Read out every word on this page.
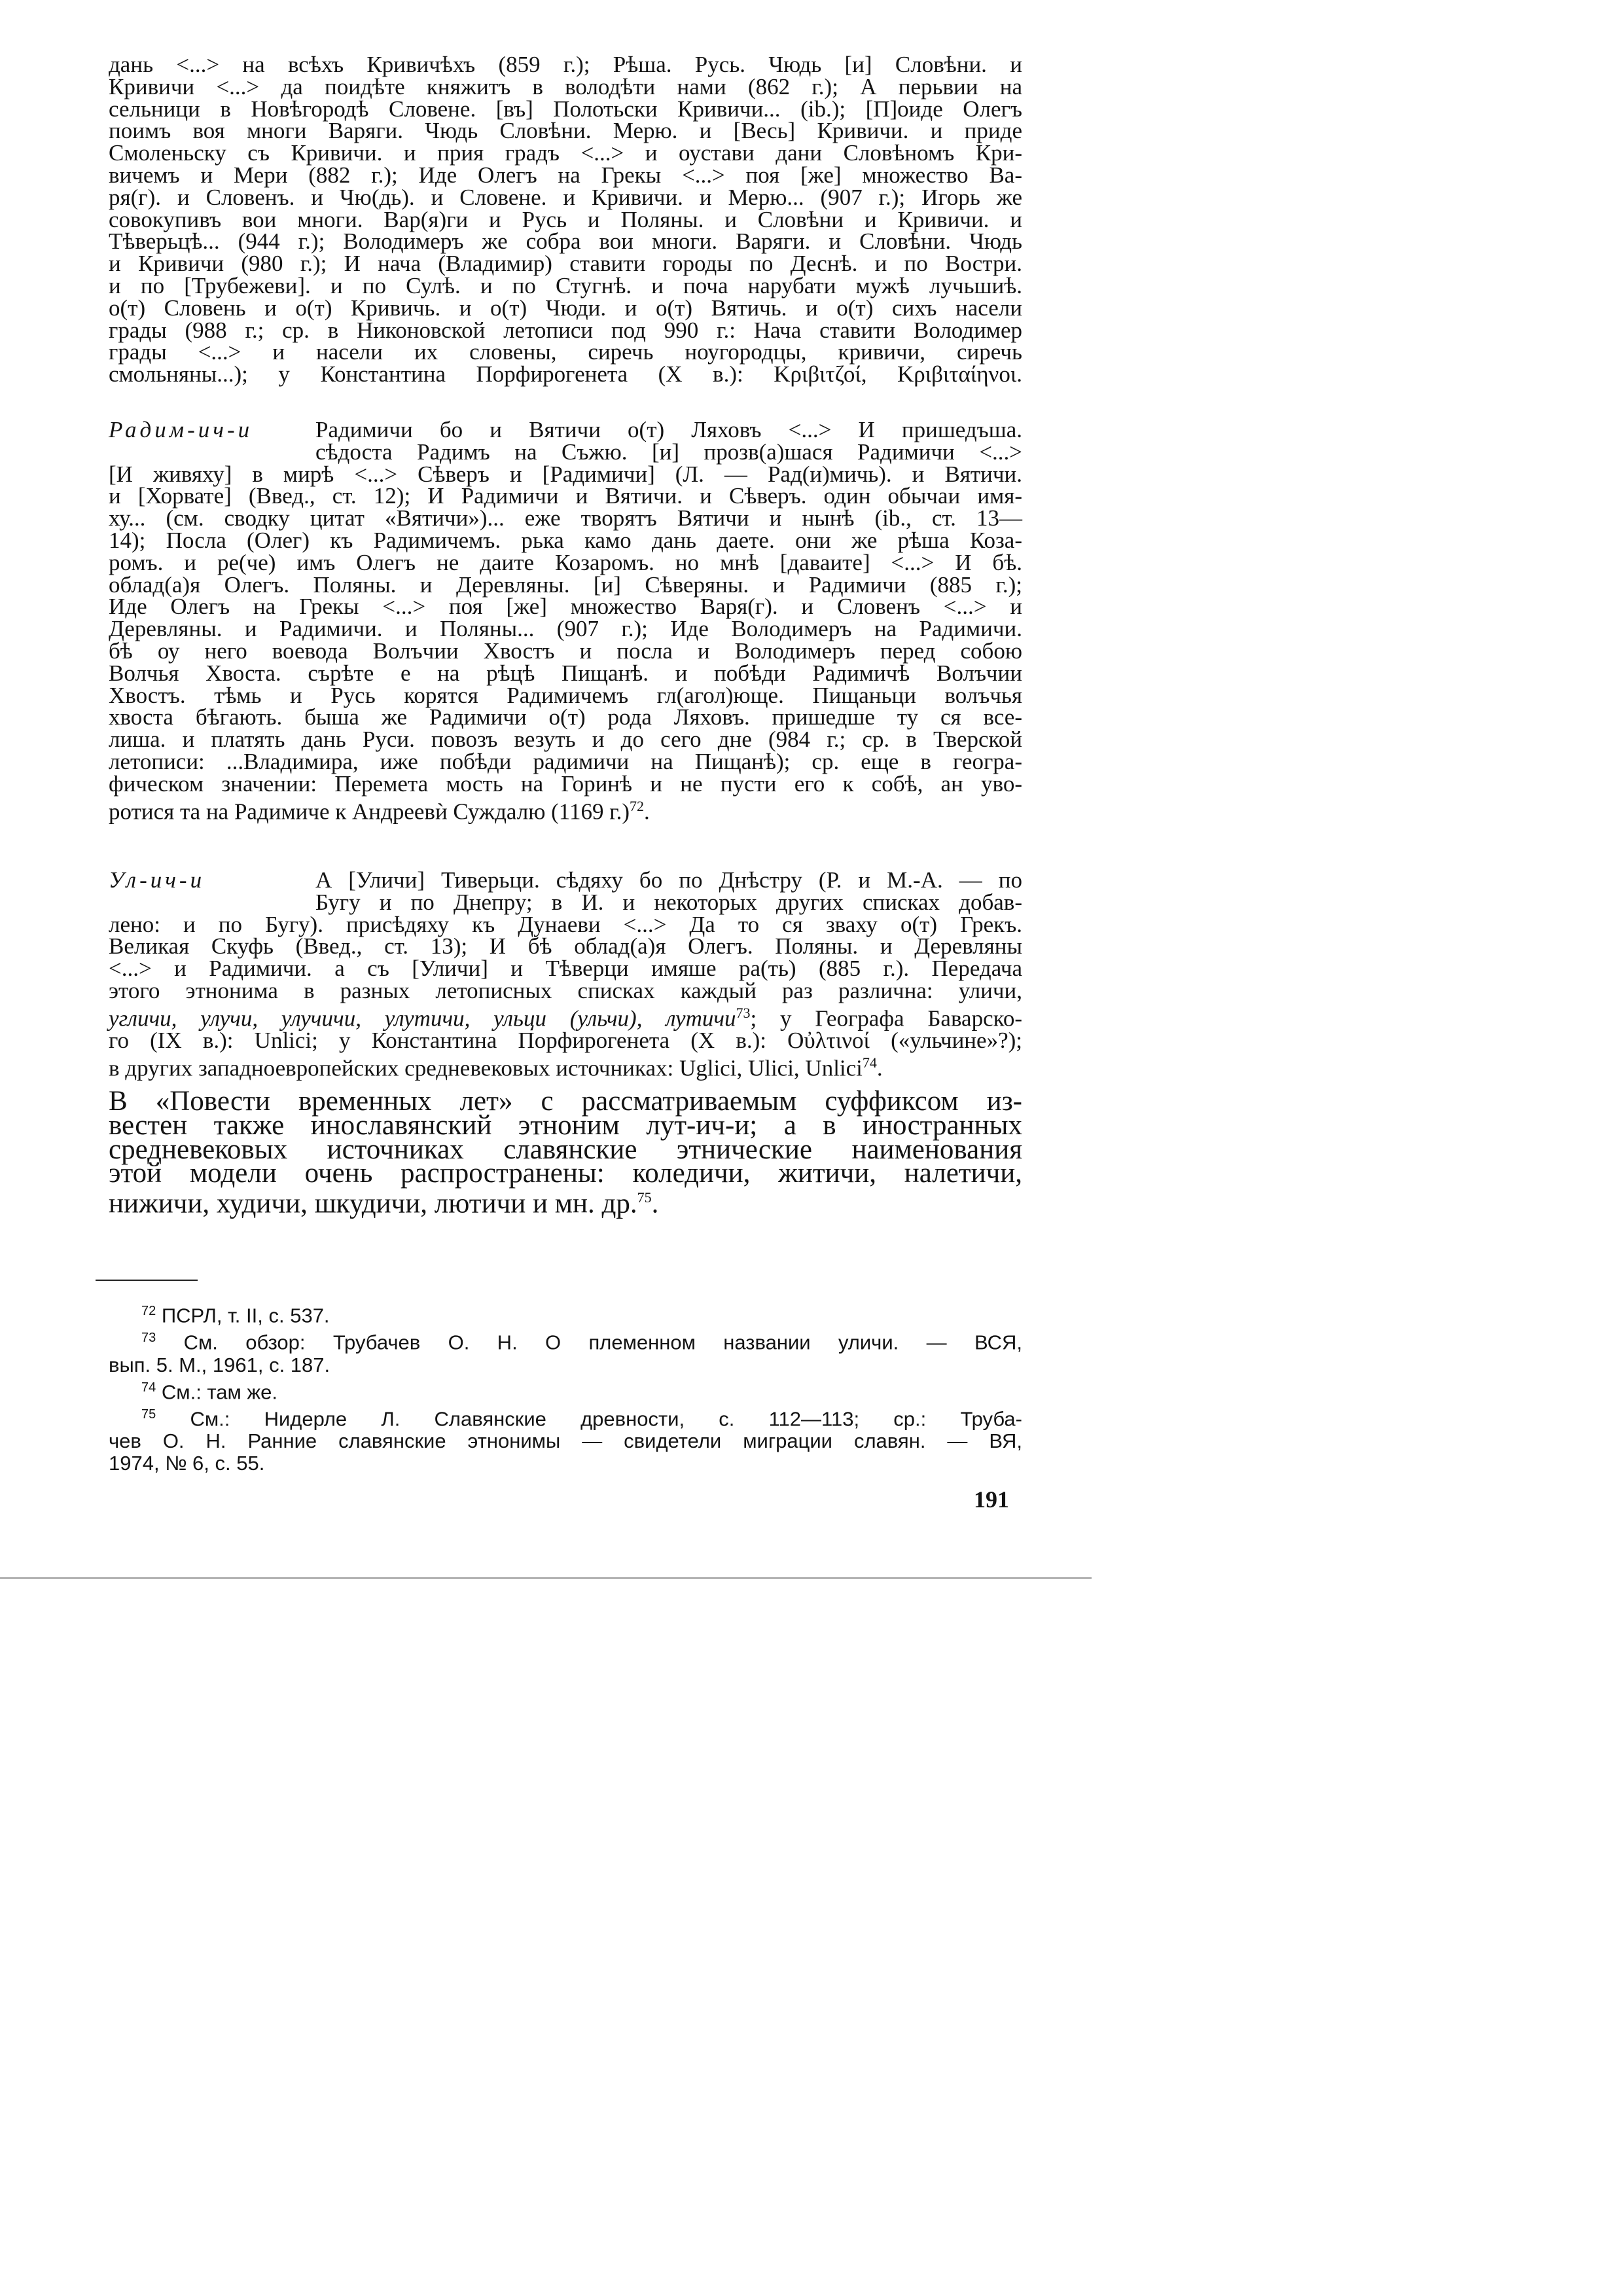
дань <...> на всѣхъ Кривичѣхъ (859 г.); Рѣша. Русь. Чюдь [и] Словѣни. и

Кривичи <...> да поидѣте княжитъ в володѣти нами (862 г.); А перьвии на

сельници в Новѣгородѣ Словене. [въ] Полотьски Кривичи... (ib.); [П]оиде Олегъ

поимъ воя многи Варяги. Чюдь Словѣни. Мерю. и [Весь] Кривичи. и приде

Смоленьску съ Кривичи. и прия градъ <...> и оустави дани Словѣномъ Кри-

вичемъ и Мери (882 г.); Иде Олегъ на Грекы <...> поя [же] множество Ва-

ря(г). и Словенъ. и Чю(дь). и Словене. и Кривичи. и Мерю... (907 г.); Игорь же

совокупивъ вои многи. Вар(я)ги и Русь и Поляны. и Словѣни и Кривичи. и

Тѣверьцѣ... (944 г.); Володимеръ же собра вои многи. Варяги. и Словѣни. Чюдь

и Кривичи (980 г.); И нача (Владимир) ставити городы по Деснѣ. и по Востри.

и по [Трубежеви]. и по Сулѣ. и по Стугнѣ. и поча нарубати мужѣ лучьшиѣ.

о(т) Словень и о(т) Кривичь. и о(т) Чюди. и о(т) Вятичь. и о(т) сихъ насели

грады (988 г.; ср. в Никоновской летописи под 990 г.: Нача ставити Володимер

грады <...> и насели их словены, сиречь ноугородцы, кривичи, сиречь

смольняны...); у Константина Порфирогенета (X в.): Κριβιτζοί, Κριβιταίηνοι.

Радим-ич-и	Радимичи бо и Вятичи о(т) Ляховъ <...> И пришедъша.
сѣдоста Радимъ на Съжю. [и] прозв(а)шася Радимичи <...>

[И живяху] в мирѣ <...> Сѣверъ и [Радимичи] (Л. — Рад(и)мичь). и Вятичи.

и [Хорвате] (Введ., ст. 12); И Радимичи и Вятичи. и Сѣверъ. один обычаи имя-

ху... (см. сводку цитат «Вятичи»)... еже творятъ Вятичи и нынѣ (ib., ст. 13—

14); Посла (Олег) къ Радимичемъ. рька камо дань даете. они же рѣша Коза-

ромъ. и ре(че) имъ Олегъ не даите Козаромъ. но мнѣ [даваите] <...> И бѣ.

облад(а)я Олегъ. Поляны. и Деревляны. [и] Сѣверяны. и Радимичи (885 г.);

Иде Олегъ на Грекы <...> поя [же] множество Варя(г). и Словенъ <...> и

Деревляны. и Радимичи. и Поляны... (907 г.); Иде Володимеръ на Радимичи.

бѣ оу него воевода Волъчии Хвостъ и посла и Володимеръ перед собою

Волчья Хвоста. сърѣте е на рѣцѣ Пищанѣ. и побѣди Радимичѣ Волъчии

Хвостъ. тѣмь и Русь корятся Радимичемъ гл(агол)юще. Пищаньци волъчья

хвоста бѣгають. быша же Радимичи о(т) рода Ляховъ. пришедше ту ся все-

лиша. и платять дань Руси. повозъ везуть и до сего дне (984 г.; ср. в Тверской

летописи: ...Владимира, иже побѣди радимичи на Пищанѣ); ср. еще в геогра-

фическом значении: Перемета мость на Горинѣ и не пусти его к собѣ, ан уво-

ротися та на Радимиче к Андреевѝ Суждалю (1169 г.)$^{72}$.

Ул-ич-и	А [Уличи] Тиверьци. сѣдяху бо по Днѣстру (Р. и М.-А. — по
Бугу и по Днепру; в И. и некоторых других списках добав-

лено: и по Бугу). присѣдяху къ Дунаеви <...> Да то ся зваху о(т) Грекъ.

Великая Скуфь (Введ., ст. 13); И бѣ облад(а)я Олегъ. Поляны. и Деревляны

<...> и Радимичи. а съ [Уличи] и Тѣверци имяше ра(ть) (885 г.). Передача

этого этнонима в разных летописных списках каждый раз различна: уличи,

угличи, улучи, улучичи, улутичи, ульци (ульчи), лутичи$^{73}$; у Географа Баварско-

го (IX в.): Unlici; у Константина Порфирогенета (X в.): Οὐλτινοί («ульчине»?);

в других западноевропейских средневековых источниках: Uglici, Ulici, Unlici$^{74}$.

В «Повести временных лет» с рассматриваемым суффиксом из-

вестен также инославянский этноним лут-ич-и; а в иностранных

средневековых источниках славянские этнические наименования

этой модели очень распространены: коледичи, житичи, налетичи,

нижичи, худичи, шкудичи, лютичи и мн. др.$^{75}$.

$^{72}$ ПСРЛ, т. II, с. 537.

$^{73}$ См. обзор: Трубачев О. Н. О племенном названии уличи. — ВСЯ,

вып. 5. М., 1961, с. 187.

$^{74}$ См.: там же.

$^{75}$ См.: Нидерле Л. Славянские древности, с. 112—113; ср.: Труба-

чев О. Н. Ранние славянские этнонимы — свидетели миграции славян. — ВЯ,

1974, № 6, с. 55.

191
